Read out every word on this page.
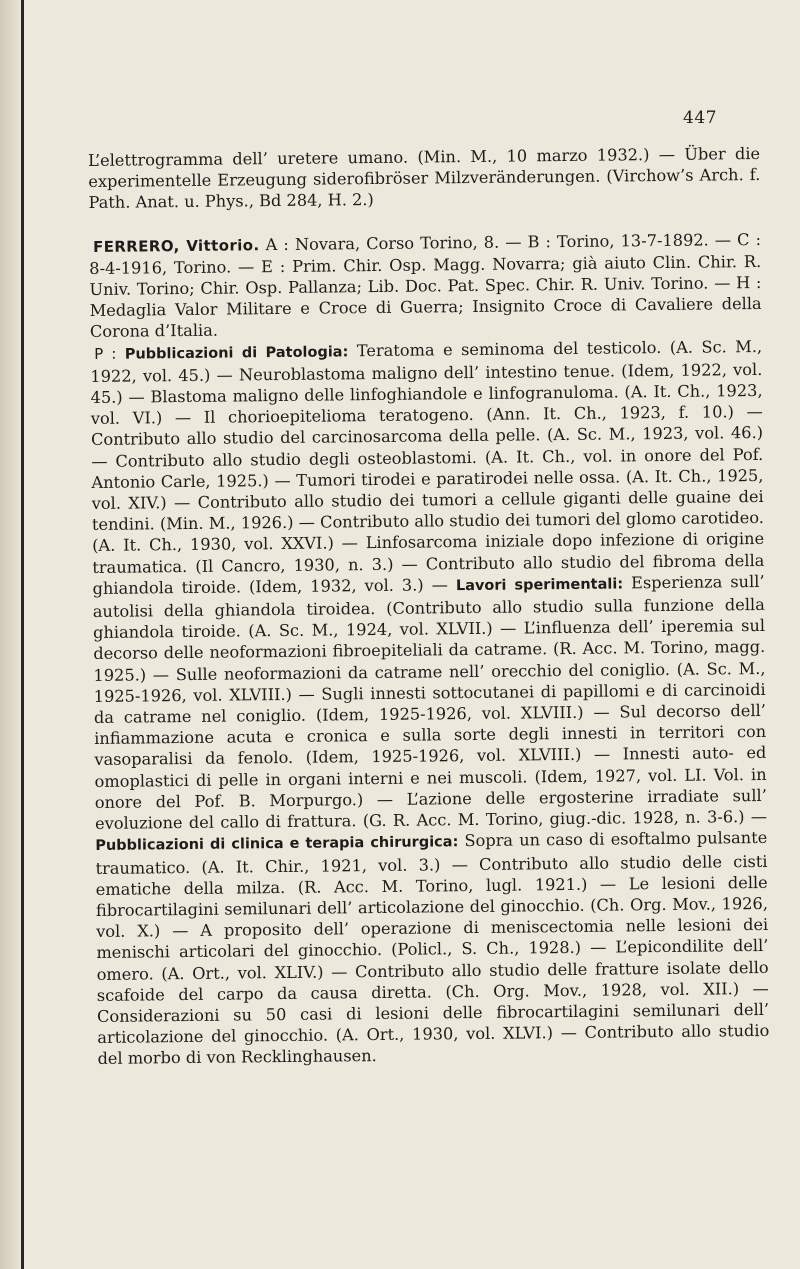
447

L’elettrogramma dell’ uretere umano. (Min. M., 10 marzo 1932.) — Über die experimentelle Erzeugung siderofibröser Milzveränderungen. (Virchow’s Arch. f. Path. Anat. u. Phys., Bd 284, H. 2.)

FERRERO, Vittorio. A : Novara, Corso Torino, 8. — B : Torino, 13-7-1892. — C : 8-4-1916, Torino. — E : Prim. Chir. Osp. Magg. Novarra; già aiuto Clin. Chir. R. Univ. Torino; Chir. Osp. Pallanza; Lib. Doc. Pat. Spec. Chir. R. Univ. Torino. — H : Medaglia Valor Militare e Croce di Guerra; Insignito Croce di Cavaliere della Corona d’Italia.

P : Pubblicazioni di Patologia: Teratoma e seminoma del testicolo. (A. Sc. M., 1922, vol. 45.) — Neuroblastoma maligno dell’ intestino tenue. (Idem, 1922, vol. 45.) — Blastoma maligno delle linfoghiandole e linfogranuloma. (A. It. Ch., 1923, vol. VI.) — Il chorioepitelioma teratogeno. (Ann. It. Ch., 1923, f. 10.) — Contributo allo studio del carcinosarcoma della pelle. (A. Sc. M., 1923, vol. 46.) — Contributo allo studio degli osteoblastomi. (A. It. Ch., vol. in onore del Pof. Antonio Carle, 1925.) — Tumori tirodei e paratirodei nelle ossa. (A. It. Ch., 1925, vol. XIV.) — Contributo allo studio dei tumori a cellule giganti delle guaine dei tendini. (Min. M., 1926.) — Contributo allo studio dei tumori del glomo carotideo. (A. It. Ch., 1930, vol. XXVI.) — Linfosarcoma iniziale dopo infezione di origine traumatica. (Il Cancro, 1930, n. 3.) — Contributo allo studio del fibroma della ghiandola tiroide. (Idem, 1932, vol. 3.) — Lavori sperimentali: Esperienza sull’ autolisi della ghiandola tiroidea. (Contributo allo studio sulla funzione della ghiandola tiroide. (A. Sc. M., 1924, vol. XLVII.) — L’influenza dell’ iperemia sul decorso delle neoformazioni fibroepiteliali da catrame. (R. Acc. M. Torino, magg. 1925.) — Sulle neoformazioni da catrame nell’ orecchio del coniglio. (A. Sc. M., 1925-1926, vol. XLVIII.) — Sugli innesti sottocutanei di papillomi e di carcinoidi da catrame nel coniglio. (Idem, 1925-1926, vol. XLVIII.) — Sul decorso dell’ infiammazione acuta e cronica e sulla sorte degli innesti in territori con vasoparalisi da fenolo. (Idem, 1925-1926, vol. XLVIII.) — Innesti auto- ed omoplastici di pelle in organi interni e nei muscoli. (Idem, 1927, vol. LI. Vol. in onore del Pof. B. Morpurgo.) — L’azione delle ergosterine irradiate sull’ evoluzione del callo di frattura. (G. R. Acc. M. Torino, giug.-dic. 1928, n. 3-6.) — Pubblicazioni di clinica e terapia chirurgica: Sopra un caso di esoftalmo pulsante traumatico. (A. It. Chir., 1921, vol. 3.) — Contributo allo studio delle cisti ematiche della milza. (R. Acc. M. Torino, lugl. 1921.) — Le lesioni delle fibrocartilagini semilunari dell’ articolazione del ginocchio. (Ch. Org. Mov., 1926, vol. X.) — A proposito dell’ operazione di meniscectomia nelle lesioni dei menischi articolari del ginocchio. (Policl., S. Ch., 1928.) — L’epicondilite dell’ omero. (A. Ort., vol. XLIV.) — Contributo allo studio delle fratture isolate dello scafoide del carpo da causa diretta. (Ch. Org. Mov., 1928, vol. XII.) — Considerazioni su 50 casi di lesioni delle fibrocartilagini semilunari dell’ articolazione del ginocchio. (A. Ort., 1930, vol. XLVI.) — Contributo allo studio del morbo di von Recklinghausen.
